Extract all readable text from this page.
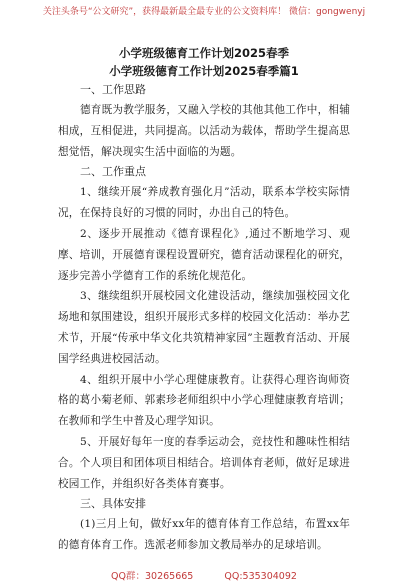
关注头条号“公文研究”，获得最新最全最专业的公文资料库！ 微信：gongwenyj

小学班级德育工作计划2025春季

小学班级德育工作计划2025春季篇1

一、工作思路

德育既为教学服务，又融入学校的其他其他工作中，相辅相成，互相促进，共同提高。以活动为载体，帮助学生提高思想觉悟，解决现实生活中面临的为题。

二、工作重点

1、继续开展“养成教育强化月”活动，联系本学校实际情况，在保持良好的习惯的同时，办出自己的特色。

2、逐步开展推动《德育课程化》,通过不断地学习、观摩、培训，开展德育课程设置研究，德育活动课程化的研究，逐步完善小学德育工作的系统化规范化。

3、继续组织开展校园文化建设活动，继续加强校园文化场地和氛围建设，组织开展形式多样的校园文化活动：举办艺术节，开展“传承中华文化共筑精神家园”主题教育活动、开展国学经典进校园活动。

4、组织开展中小学心理健康教育。让获得心理咨询师资格的葛小菊老师、郭素珍老师组织中小学心理健康教育培训；在教师和学生中普及心理学知识。

5、开展好每年一度的春季运动会，竞技性和趣味性相结合。个人项目和团体项目相结合。培训体育老师，做好足球进校园工作，并组织好各类体育赛事。

三、具体安排

(1)三月上旬，做好xx年的德育体育工作总结，布置xx年的德育体育工作。选派老师参加文教局举办的足球培训。

QQ群：30265665	QQ:535304092
